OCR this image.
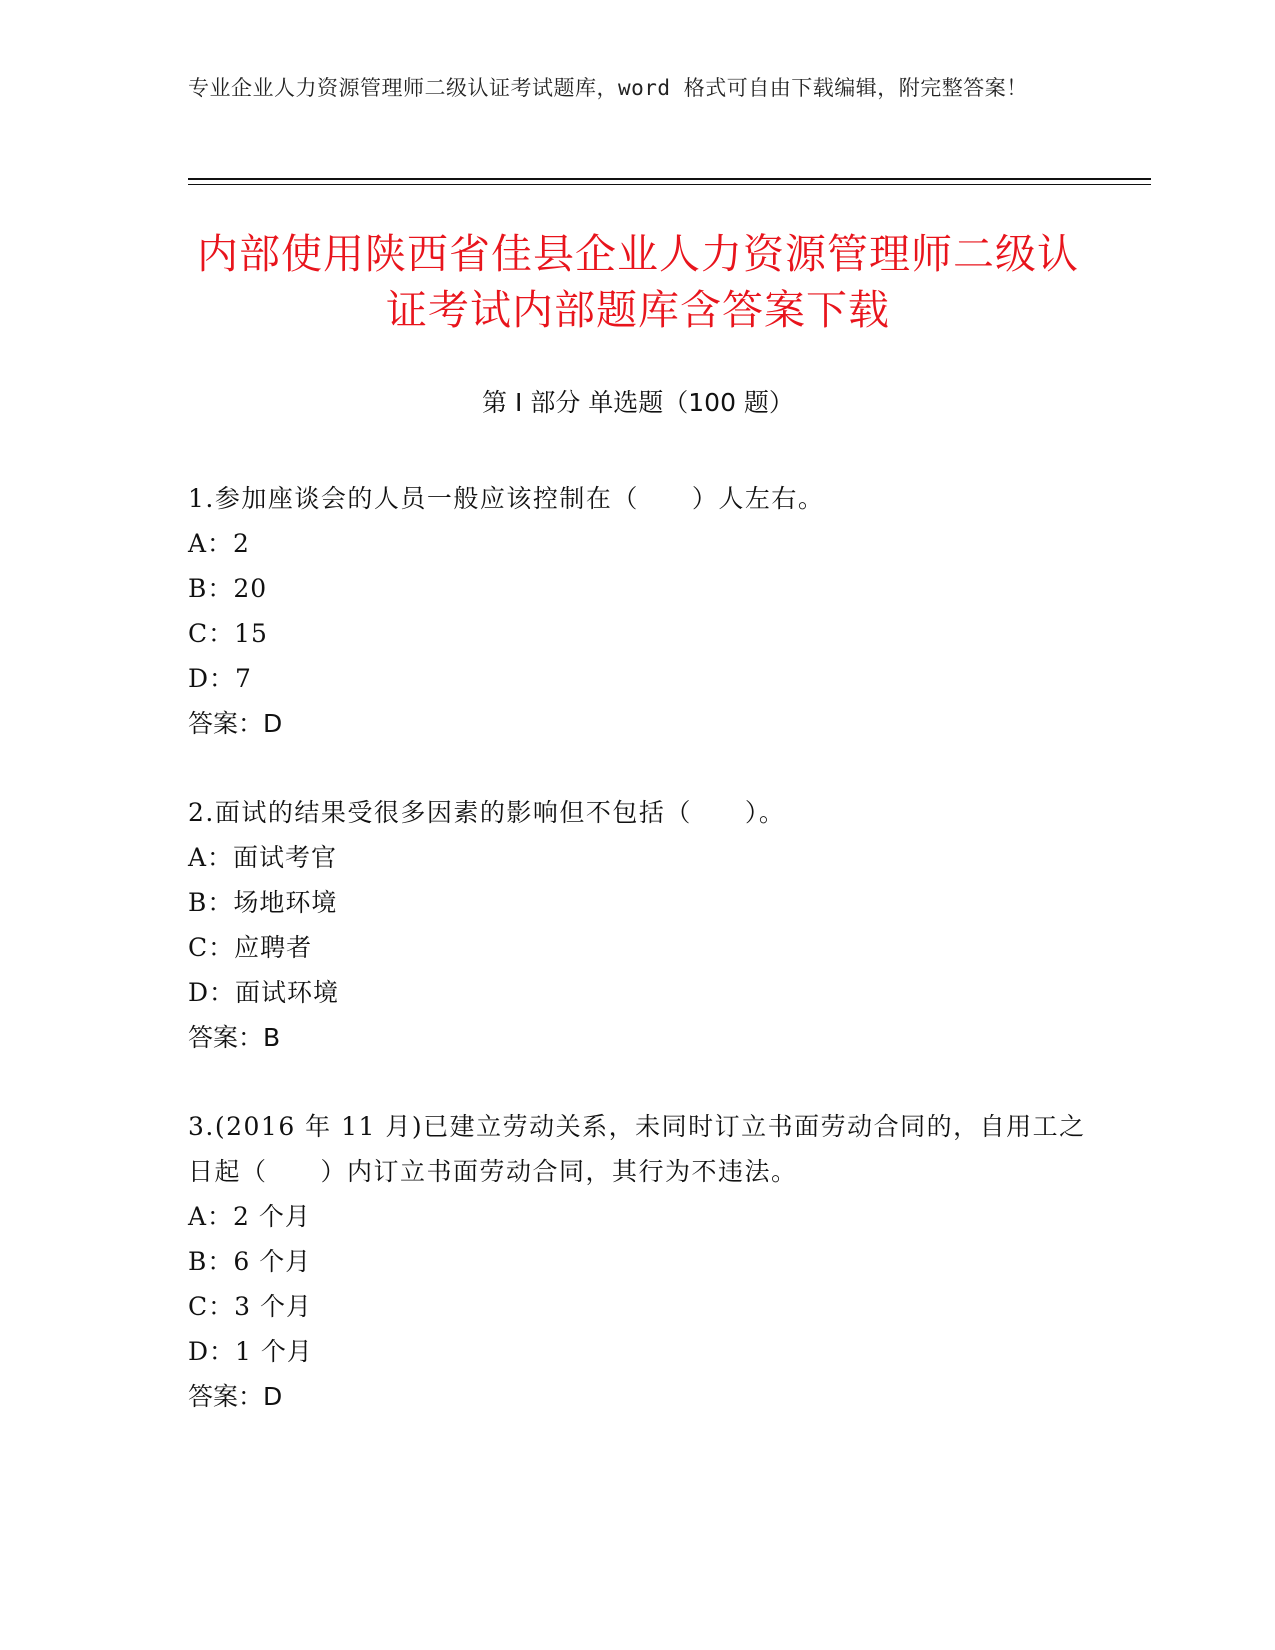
专业企业人力资源管理师二级认证考试题库，word 格式可自由下载编辑，附完整答案！
内部使用陕西省佳县企业人力资源管理师二级认证考试内部题库含答案下载
第 I 部分 单选题（100 题）
1.参加座谈会的人员一般应该控制在（　　）人左右。
A：2
B：20
C：15
D：7
答案：D
2.面试的结果受很多因素的影响但不包括（　　）。
A：面试考官
B：场地环境
C：应聘者
D：面试环境
答案：B
3.(2016 年 11 月)已建立劳动关系，未同时订立书面劳动合同的，自用工之日起（　　）内订立书面劳动合同，其行为不违法。
A：2 个月
B：6 个月
C：3 个月
D：1 个月
答案：D
